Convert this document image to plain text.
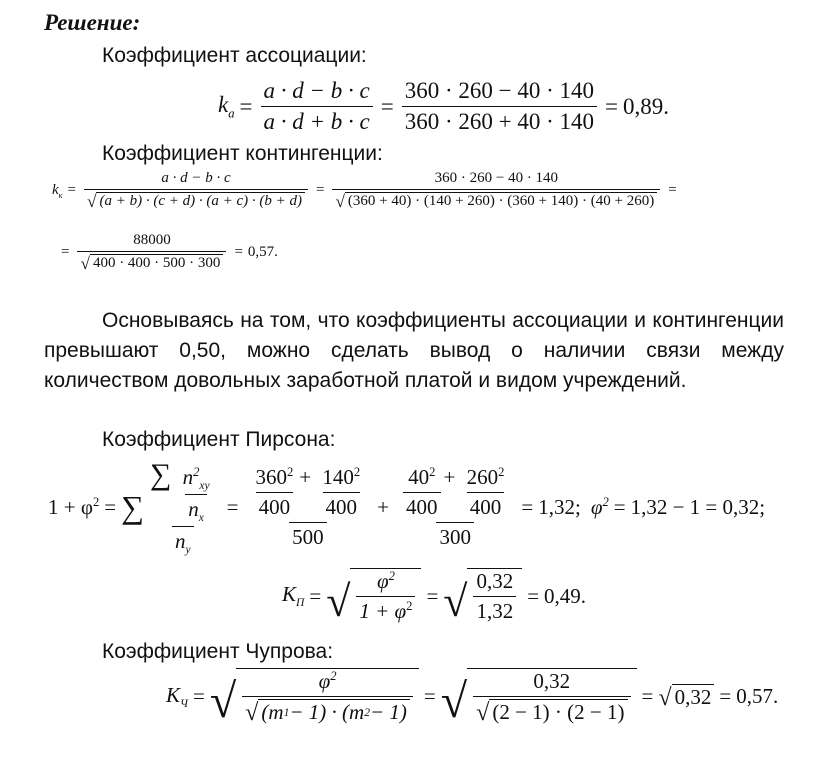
Решение:
Коэффициент ассоциации:
$k_а = \frac{a \cdot d - b \cdot c}{a \cdot d + b \cdot c} = \frac{360 \cdot 260 - 40 \cdot 140}{360 \cdot 260 + 40 \cdot 140} = 0,89$.
Коэффициент контингенции:
$k_к = \frac{a \cdot d - b \cdot c}{√ (a + b) \cdot (c + d) \cdot (a + c) \cdot (b + d)} = \frac{360 \cdot 260 - 40 \cdot 140}{√ (360 + 40) \cdot (140 + 260) \cdot (360 + 140) \cdot (40 + 260)}$ =
= $\frac{88000}{√ 400 \cdot 400 \cdot 500 \cdot 300} = 0,57$.
Основываясь на том, что коэффициенты ассоциации и контингенции превышают 0,50, можно сделать вывод о наличии связи между количеством довольных заработной платой и видом учреждений.
Коэффициент Пирсона:
$1 + \varphi^2$ = ∑ $\frac{\sum \frac{n^2_{xy}}{n_x}}{n_y} = \frac{\frac{360^2}{400} + \frac{140^2}{400}}{500} + \frac{\frac{40^2}{400} + \frac{260^2}{400}}{300} = 1,32$ ; $\varphi^2 = 1,32 - 1 = 0,32$;
$K_П$ = √ $\varphi^2$
$1 + \varphi^2$ = √ 0,32
1,32
= 0,49.
Коэффициент Чупрова:
$K_Ч$ = √	$\varphi^2$
√ (m 1 − 1) · (m 2 − 1)
= √	0,32
√ (2 − 1) · (2 − 1)
= √ 0,32 = 0,57.
